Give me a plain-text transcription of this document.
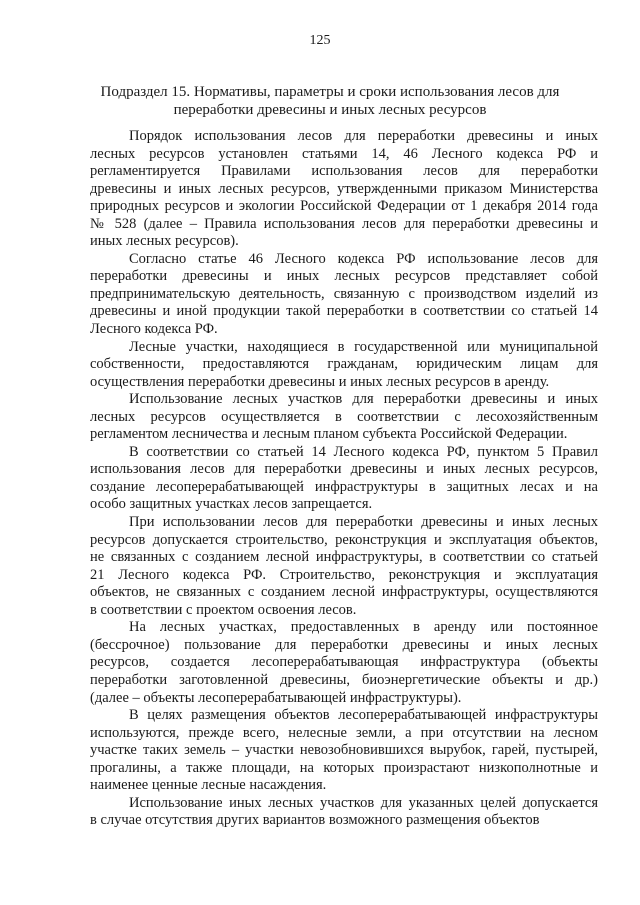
125
Подраздел 15. Нормативы, параметры и сроки использования лесов для
переработки древесины и иных лесных ресурсов
Порядок использования лесов для переработки древесины и иных
лесных ресурсов установлен статьями 14, 46 Лесного кодекса РФ и
регламентируется Правилами использования лесов для переработки
древесины и иных лесных ресурсов, утвержденными приказом Министерства
природных ресурсов и экологии Российской Федерации от 1 декабря 2014 года
№ 528 (далее – Правила использования лесов для переработки древесины и
иных лесных ресурсов).
Согласно статье 46 Лесного кодекса РФ использование лесов для
переработки древесины и иных лесных ресурсов представляет собой
предпринимательскую деятельность, связанную с производством изделий из
древесины и иной продукции такой переработки в соответствии со статьей 14
Лесного кодекса РФ.
Лесные участки, находящиеся в государственной или муниципальной
собственности, предоставляются гражданам, юридическим лицам для
осуществления переработки древесины и иных лесных ресурсов в аренду.
Использование лесных участков для переработки древесины и иных
лесных ресурсов осуществляется в соответствии с лесохозяйственным
регламентом лесничества и лесным планом субъекта Российской Федерации.
В соответствии со статьей 14 Лесного кодекса РФ, пунктом 5 Правил
использования лесов для переработки древесины и иных лесных ресурсов,
создание лесоперерабатывающей инфраструктуры в защитных лесах и на
особо защитных участках лесов запрещается.
При использовании лесов для переработки древесины и иных лесных
ресурсов допускается строительство, реконструкция и эксплуатация объектов,
не связанных с созданием лесной инфраструктуры, в соответствии со статьей
21 Лесного кодекса РФ. Строительство, реконструкция и эксплуатация
объектов, не связанных с созданием лесной инфраструктуры, осуществляются
в соответствии с проектом освоения лесов.
На лесных участках, предоставленных в аренду или постоянное
(бессрочное) пользование для переработки древесины и иных лесных
ресурсов, создается лесоперерабатывающая инфраструктура (объекты
переработки заготовленной древесины, биоэнергетические объекты и др.)
(далее – объекты лесоперерабатывающей инфраструктуры).
В целях размещения объектов лесоперерабатывающей инфраструктуры
используются, прежде всего, нелесные земли, а при отсутствии на лесном
участке таких земель – участки невозобновившихся вырубок, гарей, пустырей,
прогалины, а также площади, на которых произрастают низкополнотные и
наименее ценные лесные насаждения.
Использование иных лесных участков для указанных целей допускается
в случае отсутствия других вариантов возможного размещения объектов
